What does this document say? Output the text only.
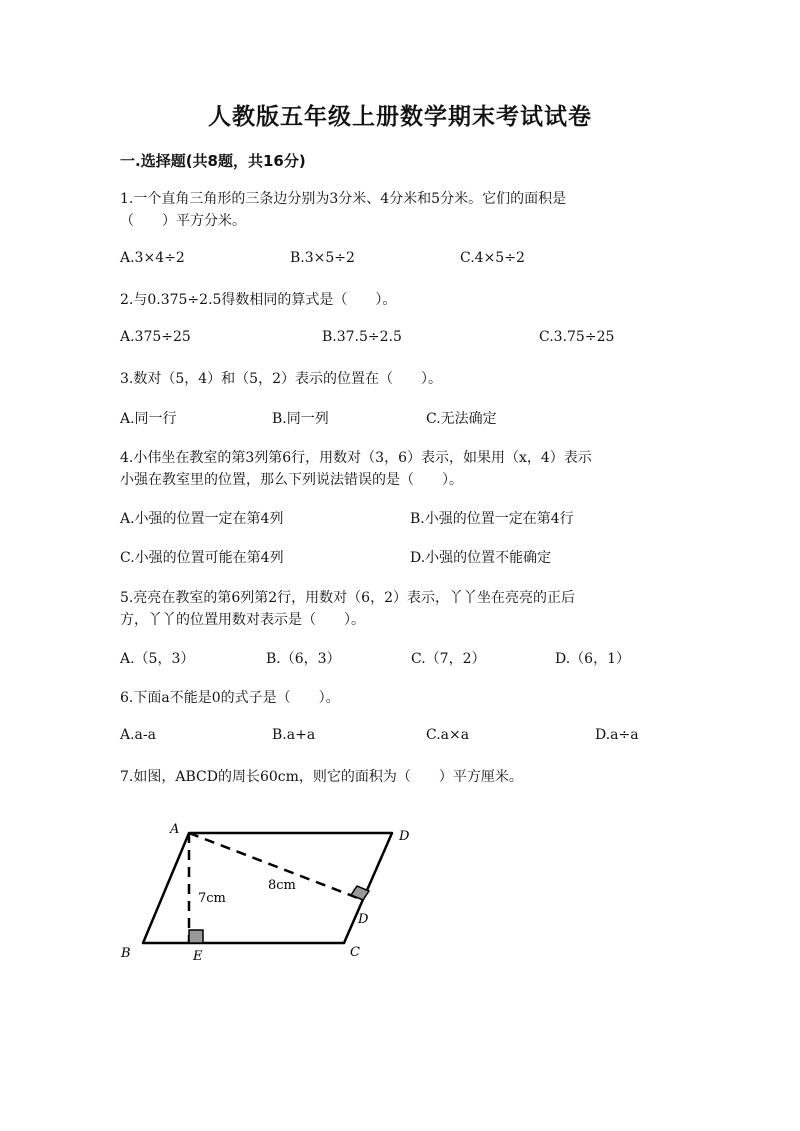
人教版五年级上册数学期末考试试卷
一.选择题(共8题，共16分)
1.一个直角三角形的三条边分别为3分米、4分米和5分米。它们的面积是
（　　）平方分米。
A.3×4÷2	B.3×5÷2	C.4×5÷2
2.与0.375÷2.5得数相同的算式是（　　）。
A.375÷25	B.37.5÷2.5	C.3.75÷25
3.数对（5，4）和（5，2）表示的位置在（　　）。
A.同一行	B.同一列	C.无法确定
4.小伟坐在教室的第3列第6行，用数对（3，6）表示，如果用（x，4）表示
小强在教室里的位置，那么下列说法错误的是（　　）。
A.小强的位置一定在第4列	B.小强的位置一定在第4行
C.小强的位置可能在第4列	D.小强的位置不能确定
5.亮亮在教室的第6列第2行，用数对（6，2）表示，丫丫坐在亮亮的正后
方，丫丫的位置用数对表示是（　　）。
A.（5，3）	B.（6，3）	C.（7，2）	D.（6，1）
6.下面a不能是0的式子是（　　）。
A.a-a	B.a+a	C.a×a	D.a÷a
7.如图，ABCD的周长60cm，则它的面积为（　　）平方厘米。
A	D
B	E	C
D
7cm
8cm
